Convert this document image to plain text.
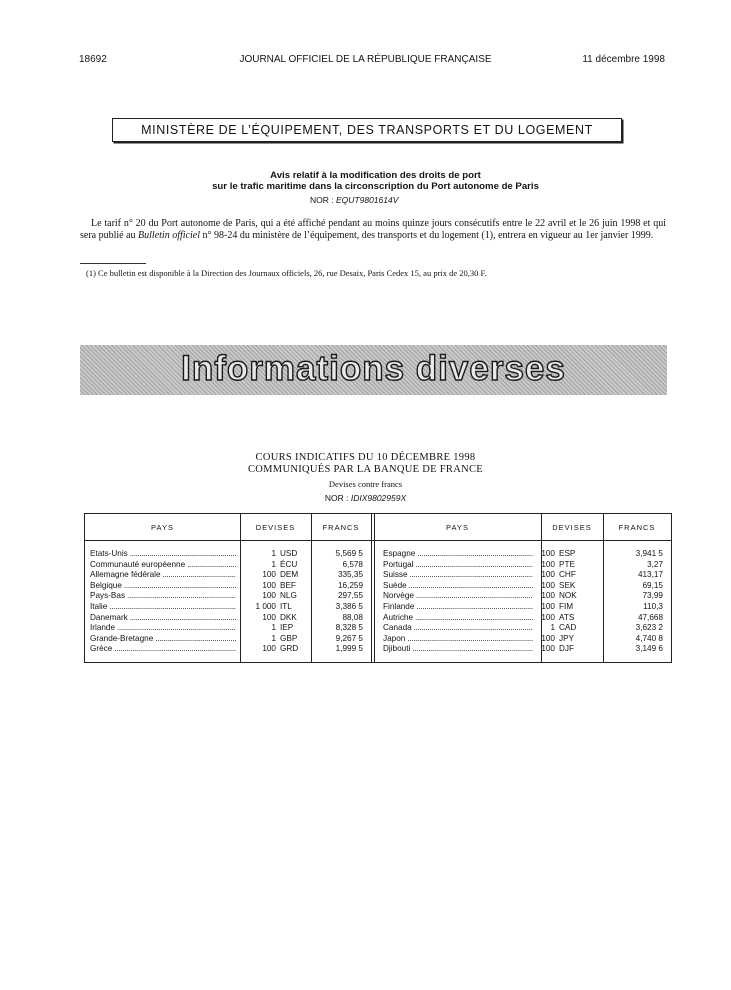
18692	JOURNAL OFFICIEL DE LA RÉPUBLIQUE FRANÇAISE	11 décembre 1998
MINISTÈRE DE L’ÉQUIPEMENT, DES TRANSPORTS ET DU LOGEMENT
Avis relatif à la modification des droits de port
sur le trafic maritime dans la circonscription du Port autonome de Paris
NOR : EQUT9801614V
Le tarif n° 20 du Port autonome de Paris, qui a été affiché pendant au moins quinze jours consécutifs entre le 22 avril et le 26 juin 1998 et qui sera publié au Bulletin officiel n° 98-24 du ministère de l’équipement, des transports et du logement (1), entrera en vigueur au 1er janvier 1999.
(1) Ce bulletin est disponible à la Direction des Journaux officiels, 26, rue Desaix, Paris Cedex 15, au prix de 20,30 F.
Informations diverses
COURS INDICATIFS DU 10 DÉCEMBRE 1998
COMMUNIQUÉS PAR LA BANQUE DE FRANCE
Devises contre francs
NOR : IDIX9802959X
PAYS	DEVISES	FRANCS	PAYS	DEVISES	FRANCS
Etats-Unis .....	1 USD	5,569 5
Communauté européenne .....	1 ÉCU	6,578
Allemagne fédérale .....	100 DEM	335,35
Belgique .....	100 BEF	16,259
Pays-Bas .....	100 NLG	297,55
Italie .....	1 000 ITL	3,386 5
Danemark .....	100 DKK	88,08
Irlande .....	1 IEP	8,328 5
Grande-Bretagne .....	1 GBP	9,267 5
Grèce .....	100 GRD	1,999 5
Espagne .....	100 ESP	3,941 5
Portugal .....	100 PTE	3,27
Suisse .....	100 CHF	413,17
Suède .....	100 SEK	69,15
Norvège .....	100 NOK	73,99
Finlande .....	100 FIM	110,3
Autriche .....	100 ATS	47,668
Canada .....	1 CAD	3,623 2
Japon .....	100 JPY	4,740 8
Djibouti .....	100 DJF	3,149 6
